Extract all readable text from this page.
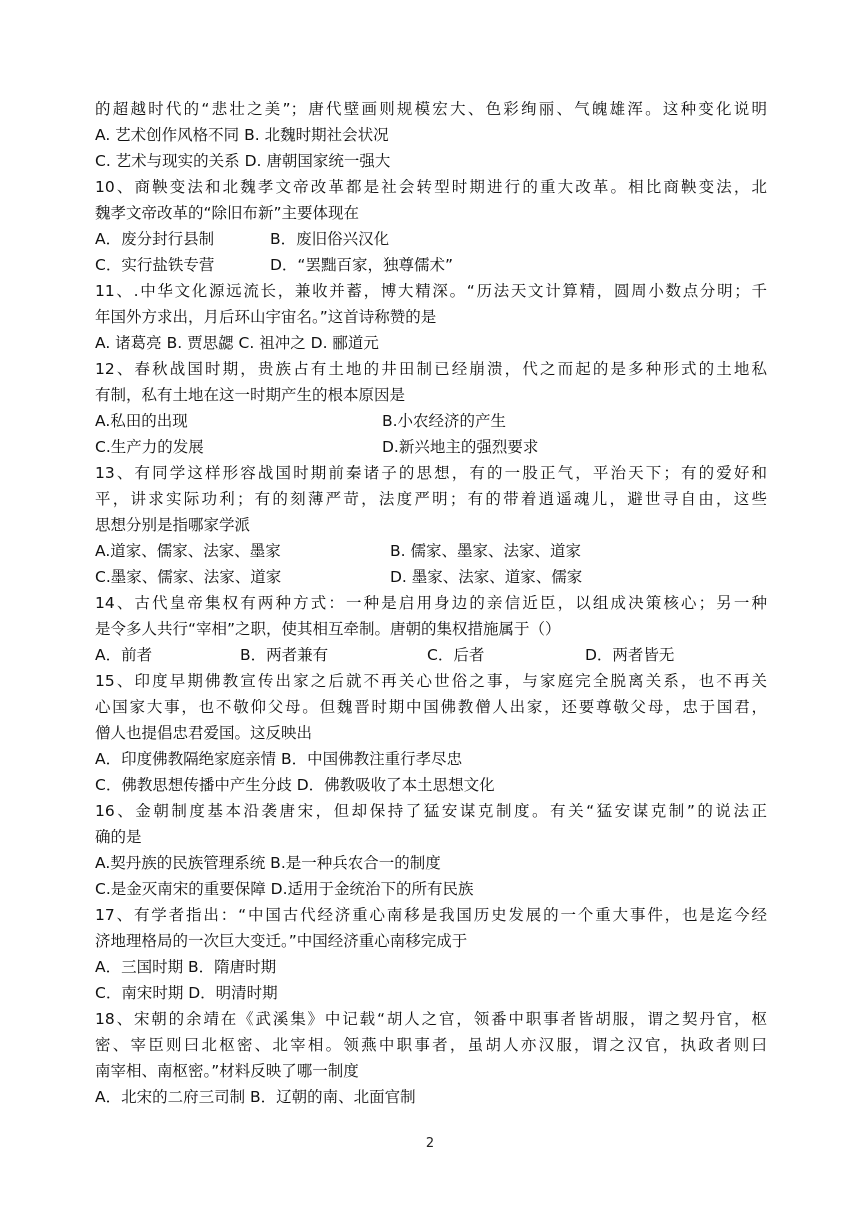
的超越时代的“悲壮之美”；唐代壁画则规模宏大、色彩绚丽、气魄雄浑。这种变化说明

A. 艺术创作风格不同 B. 北魏时期社会状况

C. 艺术与现实的关系 D. 唐朝国家统一强大

10、商鞅变法和北魏孝文帝改革都是社会转型时期进行的重大改革。相比商鞅变法，北

魏孝文帝改革的“除旧布新”主要体现在

A．废分封行县制	B．废旧俗兴汉化
C．实行盐铁专营	D．“罢黜百家，独尊儒术”

11、.中华文化源远流长，兼收并蓄，博大精深。“历法天文计算精，圆周小数点分明；千

年国外方求出，月后环山宇宙名。”这首诗称赞的是

A. 诸葛亮 B. 贾思勰 C. 祖冲之 D. 郦道元

12、春秋战国时期，贵族占有土地的井田制已经崩溃，代之而起的是多种形式的土地私

有制，私有土地在这一时期产生的根本原因是

A.私田的出现	B.小农经济的产生
C.生产力的发展	D.新兴地主的强烈要求

13、有同学这样形容战国时期前秦诸子的思想，有的一股正气，平治天下；有的爱好和

平，讲求实际功利；有的刻薄严苛，法度严明；有的带着逍遥魂儿，避世寻自由，这些

思想分别是指哪家学派

A.道家、儒家、法家、墨家	B. 儒家、墨家、法家、道家
C.墨家、儒家、法家、道家	D. 墨家、法家、道家、儒家

14、古代皇帝集权有两种方式：一种是启用身边的亲信近臣，以组成决策核心；另一种

是令多人共行“宰相”之职，使其相互牵制。唐朝的集权措施属于（）

A．前者	B．两者兼有	C．后者	D．两者皆无

15、印度早期佛教宣传出家之后就不再关心世俗之事，与家庭完全脱离关系，也不再关

心国家大事，也不敬仰父母。但魏晋时期中国佛教僧人出家，还要尊敬父母，忠于国君，

僧人也提倡忠君爱国。这反映出

A．印度佛教隔绝家庭亲情 B．中国佛教注重行孝尽忠

C．佛教思想传播中产生分歧 D．佛教吸收了本土思想文化

16、金朝制度基本沿袭唐宋，但却保持了猛安谋克制度。有关“猛安谋克制”的说法正

确的是

A.契丹族的民族管理系统 B.是一种兵农合一的制度

C.是金灭南宋的重要保障 D.适用于金统治下的所有民族

17、有学者指出：“中国古代经济重心南移是我国历史发展的一个重大事件，也是迄今经

济地理格局的一次巨大变迁。”中国经济重心南移完成于

A．三国时期 B．隋唐时期

C．南宋时期 D．明清时期

18、宋朝的余靖在《武溪集》中记载“胡人之官，领番中职事者皆胡服，谓之契丹官，枢

密、宰臣则曰北枢密、北宰相。领燕中职事者，虽胡人亦汉服，谓之汉官，执政者则曰

南宰相、南枢密。”材料反映了哪一制度

A．北宋的二府三司制 B．辽朝的南、北面官制

2
